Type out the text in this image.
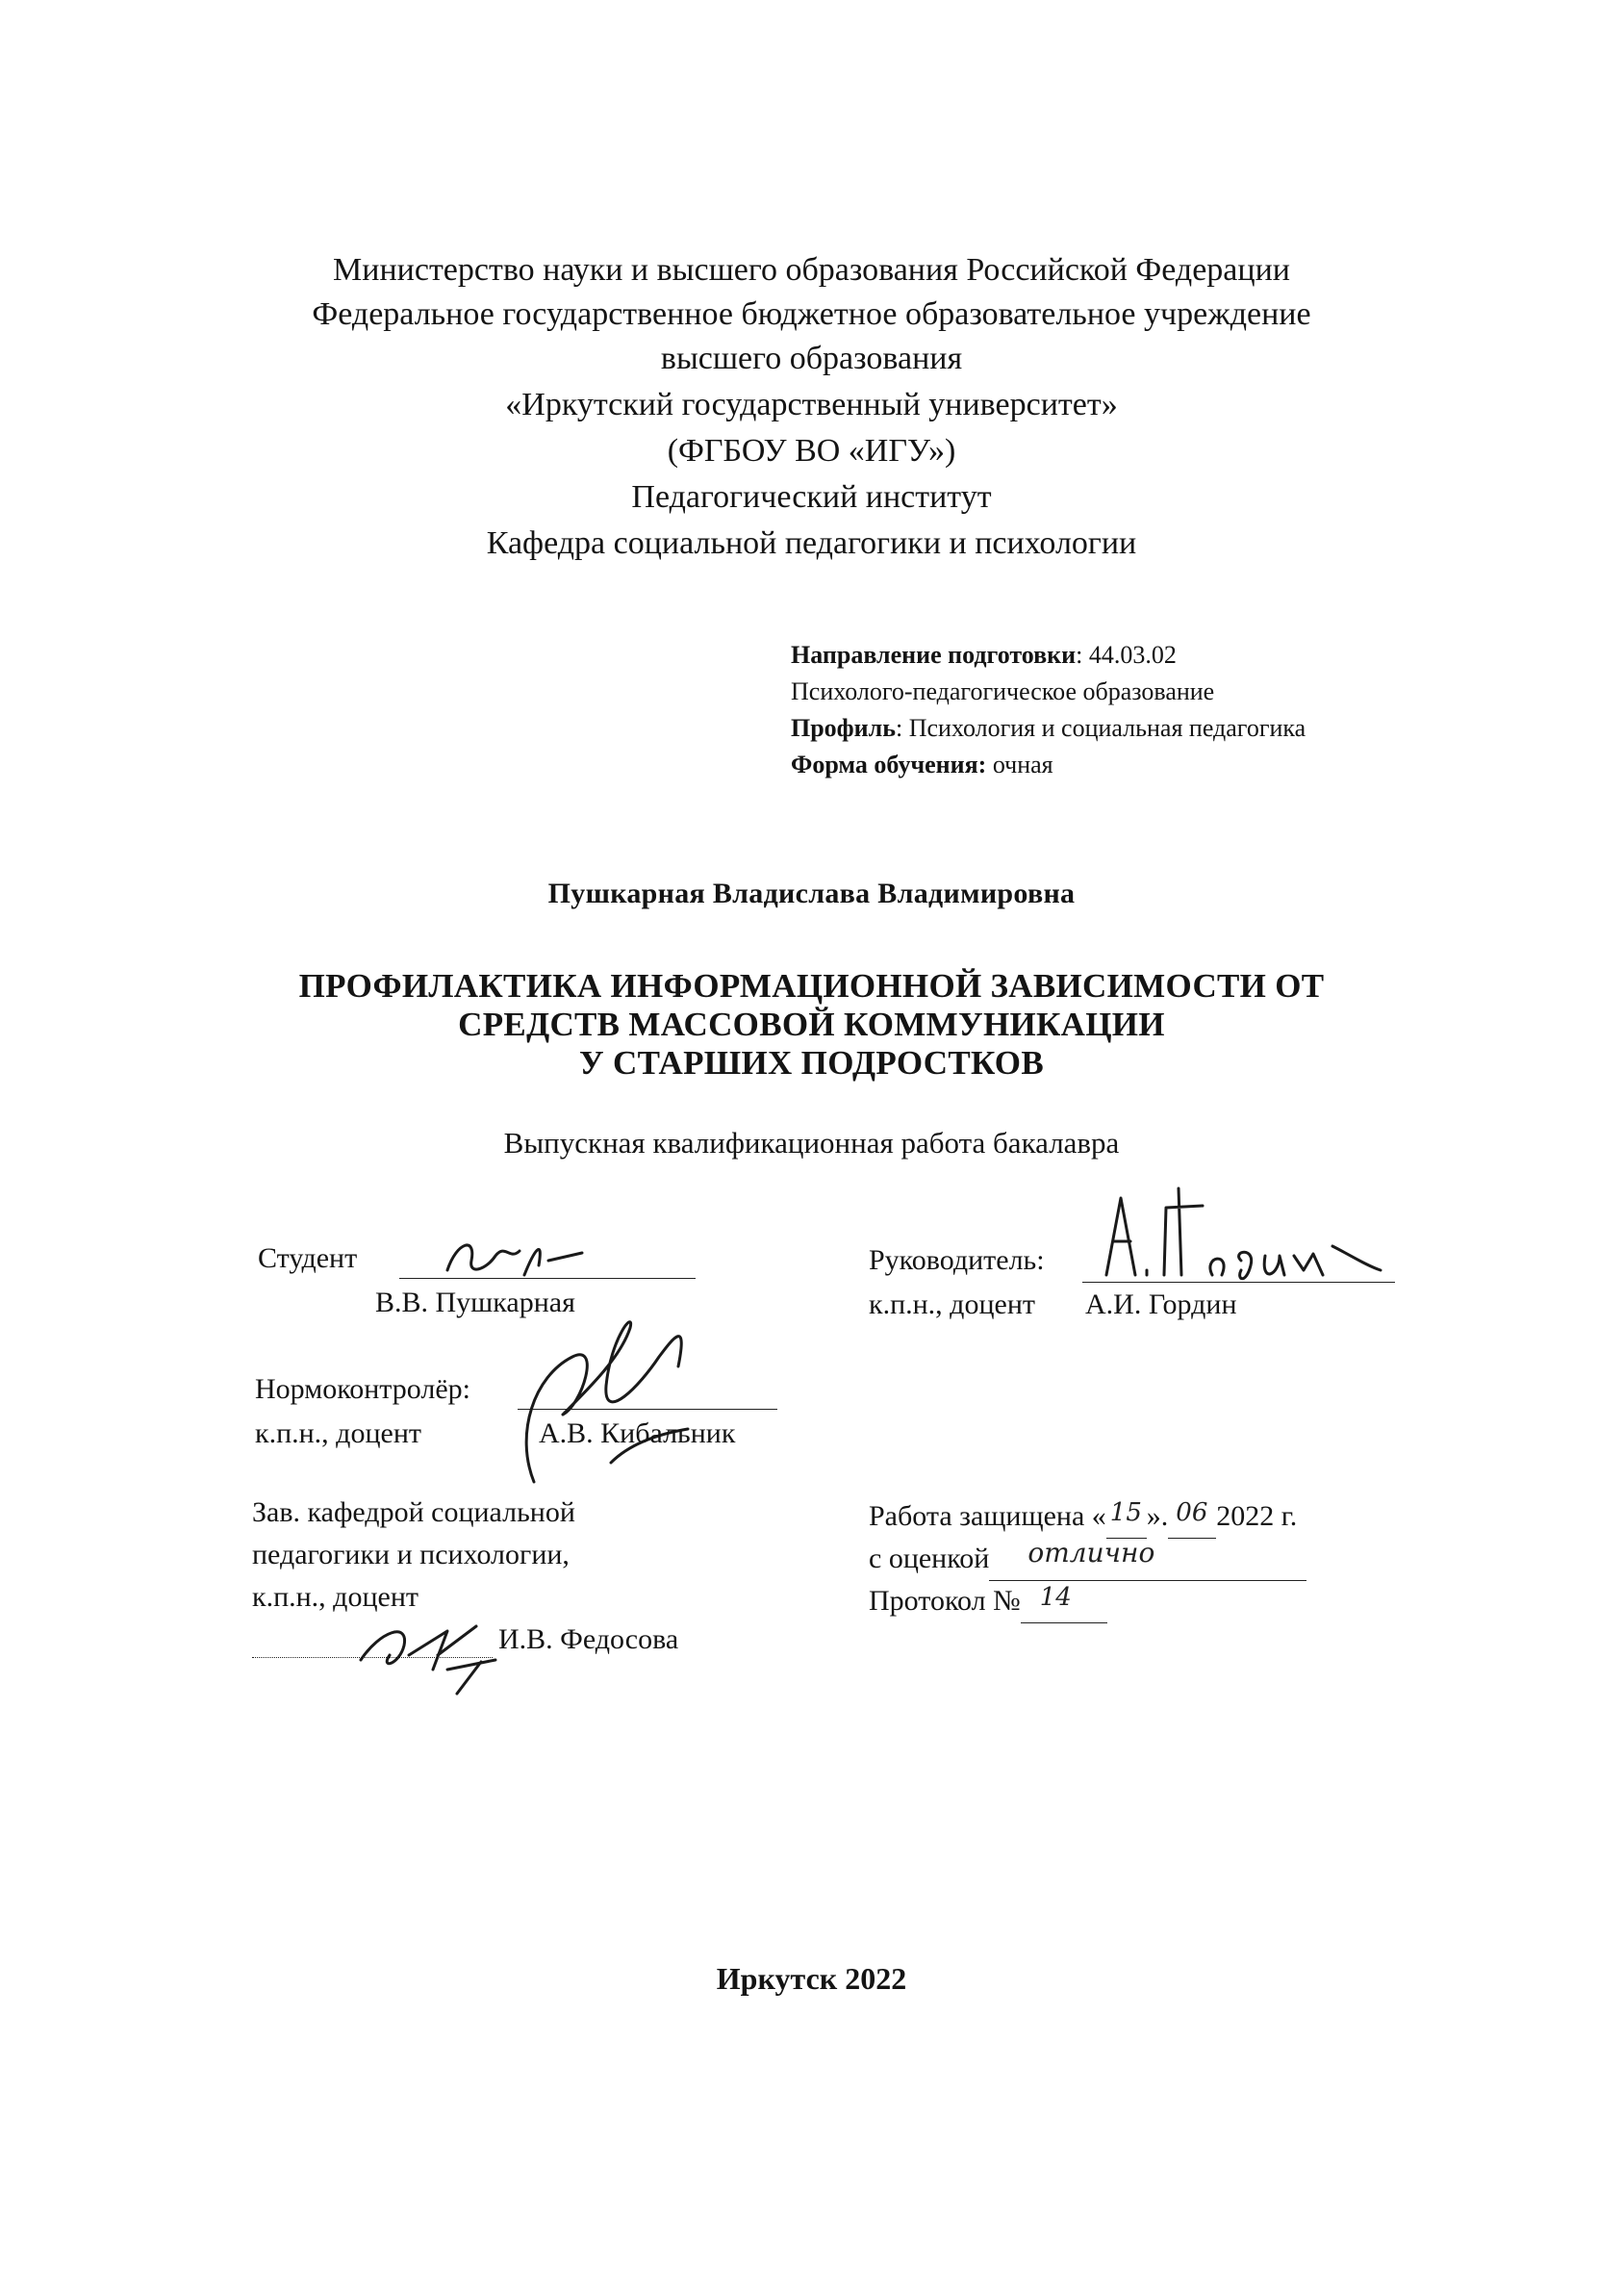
Министерство науки и высшего образования Российской Федерации
Федеральное государственное бюджетное образовательное учреждение
высшего образования
«Иркутский государственный университет»
(ФГБОУ ВО «ИГУ»)
Педагогический институт
Кафедра социальной педагогики и психологии
Направление подготовки: 44.03.02
Психолого-педагогическое образование
Профиль: Психология и социальная педагогика
Форма обучения: очная
Пушкарная Владислава Владимировна
ПРОФИЛАКТИКА ИНФОРМАЦИОННОЙ ЗАВИСИМОСТИ ОТ
СРЕДСТВ МАССОВОЙ КОММУНИКАЦИИ
У СТАРШИХ ПОДРОСТКОВ
Выпускная квалификационная работа бакалавра
Студент
В.В. Пушкарная
Руководитель:
к.п.н., доцент А.И. Гордин
Нормоконтролёр:
к.п.н., доцент	А.В. Кибальник
Зав. кафедрой социальной
педагогики и психологии,
к.п.н., доцент
И.В. Федосова
Работа защищена « 15 ». 06 2022 г.
с оценкой отлично

Протокол № 14

Иркутск 2022
